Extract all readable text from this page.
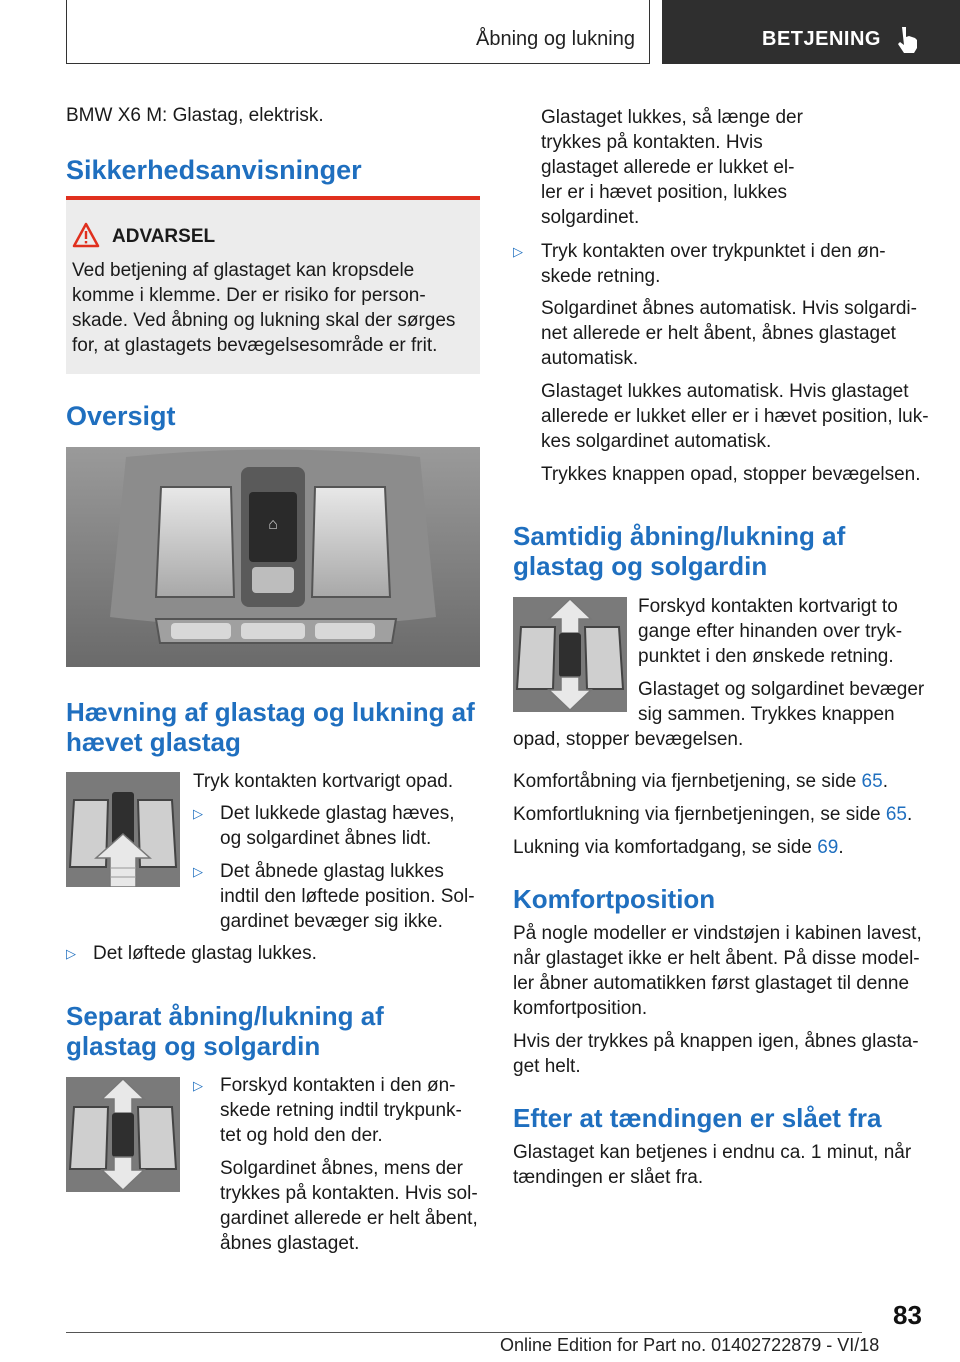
Åbning og lukning	BETJENING

BMW X6 M: Glastag, elektrisk.

Sikkerhedsanvisninger

ADVARSEL

Ved betjening af glastaget kan kropsdele

komme i klemme. Der er risiko for person-

skade. Ved åbning og lukning skal der sørges

for, at glastagets bevægelsesområde er frit.

Oversigt

⌂

Hævning af glastag og lukning af

hævet glastag

Tryk kontakten kortvarigt opad.

▷ Det lukkede glastag hæves,

og solgardinet åbnes lidt.

▷ Det åbnede glastag lukkes

indtil den løftede position. Sol-

gardinet bevæger sig ikke.

▷ Det løftede glastag lukkes.

Separat åbning/lukning af

glastag og solgardin

▷ Forskyd kontakten i den øn-

skede retning indtil trykpunk-

tet og hold den der.

Solgardinet åbnes, mens der

trykkes på kontakten. Hvis sol-

gardinet allerede er helt åbent,

åbnes glastaget.

Glastaget lukkes, så længe der

trykkes på kontakten. Hvis

glastaget allerede er lukket el-

ler er i hævet position, lukkes

solgardinet.

▷ Tryk kontakten over trykpunktet i den øn-

skede retning.

Solgardinet åbnes automatisk. Hvis solgardi-

net allerede er helt åbent, åbnes glastaget

automatisk.

Glastaget lukkes automatisk. Hvis glastaget

allerede er lukket eller er i hævet position, luk-

kes solgardinet automatisk.

Trykkes knappen opad, stopper bevægelsen.

Samtidig åbning/lukning af

glastag og solgardin

Forskyd kontakten kortvarigt to

gange efter hinanden over tryk-

punktet i den ønskede retning.

Glastaget og solgardinet bevæger

sig sammen. Trykkes knappen

opad, stopper bevægelsen.

Komfortåbning via fjernbetjening, se side 65.

Komfortlukning via fjernbetjeningen, se side 65.

Lukning via komfortadgang, se side 69.

Komfortposition

På nogle modeller er vindstøjen i kabinen lavest,

når glastaget ikke er helt åbent. På disse model-

ler åbner automatikken først glastaget til denne

komfortposition.

Hvis der trykkes på knappen igen, åbnes glasta-

get helt.

Efter at tændingen er slået fra

Glastaget kan betjenes i endnu ca. 1 minut, når

tændingen er slået fra.

83
Online Edition for Part no. 01402722879 - VI/18
